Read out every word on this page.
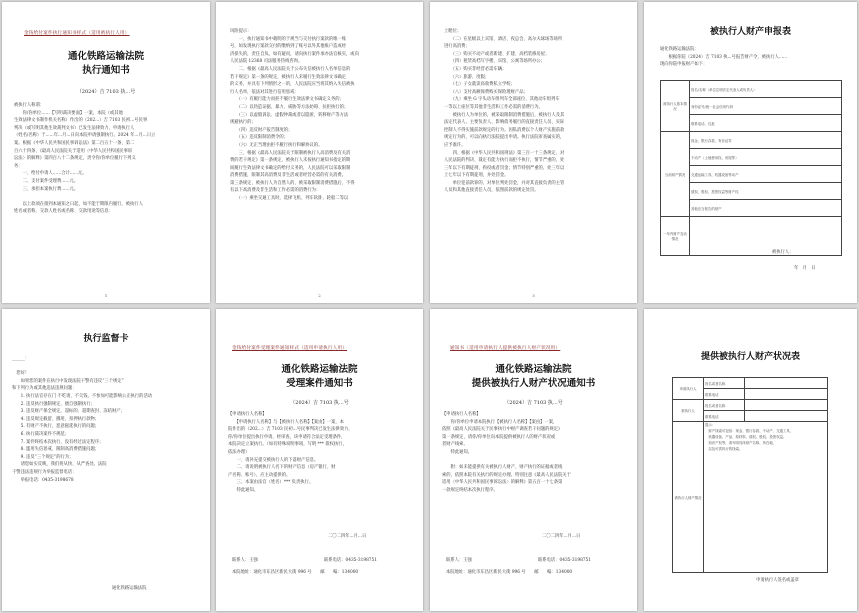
金钱给付案件执行通知书样式（适用被执行人用）
通化铁路运输法院
执行通知书
（2024）吉 7103 执...号
被执行人称谓：
　　你/你单位……【写明裁决要面】一案，本院（或其他
生效法律文书制作机关名称）作出的（202...）吉 7103 民初...号民事
判决（或写明其他生效裁判文书）已发生法律效力，申请执行人
（姓名/名称）于......年...月...日向本院申请强制执行。2024 年...月...日立
案。根据《中华人民共和国民事诉讼法》第二百五十一条、第二
百六十四条、《最高人民法院关于适用〈中华人民共和国民事诉
讼法〉的解释》第四百八十二条规定，责令你/你单位履行下列义
务：
　　一、给付申请人……合计......元。
　　二、支付案件受理费......元。
　　三、承担本案执行费......元。
　　以上款项在接到本通知之日起，如不能于期限内履行，被执行人
姓名或者称、交款人姓名或名称、交款用途等信息：
1
风险提示：
　　一、执行通知书中载明的于规当与交付执行案款的唯一账
号，如发现执行案款交付的缴纳到了账号以外其他账户造成经
济损失的，责任自负。如有疑问，请向执行案件承办法官核实，或向
人民法院 12368 司法服务热线咨询。
　　二、根据《最高人民法院关于公布失信被执行人名单信息的
若干规定》第一条的规定，被执行人未履行生效法律文书确定
的义务，并具有下列情形之一的，人民法院应当将其纳入失信被执
行人名单，依法对其进行信用惩戒：
　　（一）有履行能力而拒不履行生效法律文书确定义务的；
　　（二）以伪造证据、暴力、威胁等方法妨碍、抗拒执行的；
　　（三）以虚假诉讼、虚假仲裁或者以隐匿、转移财产等方法
规避执行的；
　　（四）违反财产报告制度的；
　　（五）违反限制消费令的；
　　（六）无正当理由拒不履行执行和解协议的。
　　三、根据《最高人民法院关于限制被执行人高消费及有关消
费的若干规定》第一条规定，被执行人未按执行通知书指定的期
间履行生效法律文书确定的给付义务的，人民法院可以采取限制
消费措施，限制其高消费及非生活或者经营必需的有关消费。
第三条规定，被执行人为自然人的，被采取限制消费措施后，不得
有以下高消费及非生活和工作必需的消费行为：
　　（一）乘坐交通工具时，选择飞机、列车软卧、轮船二等以
2
上舱位；
　　（二）在星级以上宾馆、酒店、夜总会、高尔夫球场等场所
进行高消费；
　　（三）购买不动产或者新建、扩建、高档装修房屋；
　　（四）租赁高档写字楼、宾馆、公寓等场所办公；
　　（五）购买非经营必需车辆；
　　（六）旅游、度假；
　　（七）子女就读高收费私立学校；
　　（八）支付高额保费购买保险理财产品；
　　（九）乘坐 G 字头动车组列车全部座位、其他动车组列车
一等以上座位等其他非生活和工作必需的消费行为。
　　被执行人为单位的，被采取限制消费措施后，被执行人及其
法定代表人、主要负责人、影响债务履行的直接责任人员、实际
控制人不得实施前款规定的行为。因私消费以个人财产实施前款
规定行为的，可以向执行法院提出申请。执行法院审查属实的，
应予准许。
　　四、根据《中华人民共和国刑法》第三百一十三条规定，对
人民法院的判决、裁定有能力执行而拒不执行，情节严重的，处
三年以下有期徒刑、拘役或者罚金；情节特别严重的，处三年以
上七年以下有期徒刑，并处罚金。
　　单位犯前款罪的，对单位判处罚金，并对其直接负责的主管
人员和其他直接责任人员，依照前款的规定处罚。
3
被执行人财产申报表
通化铁路运输法院：
　　根据你院（2024）吉 7103 执...号报告财产令，被执行人......
现向你院申报财产如下：
被执行人基本情况	姓名/名称（单位注明法定代表人或负责人）
	身份证号/统一社会信用代码
	联系电话、住址
当前财产情况	现金、银行存款、有价证券
	不动产（土地使用权、房屋等）
	交通运输工具、机器设备等动产
	债权、股权、投资权益等财产权
	其他应当报告的财产
一年内财产变动情况	
被执行人：
年　月　日
执行监督卡
______：
　您好！
　　如果您的案件在执行中发现法院干警有违反“三个规定”
和下列行为或其他违法违规问题：
　　1. 执行法官存在门 不吃请、不欠钱，不参加可能影响公正执行的活动
　　2. 违反执行强制规定，擅自强制执行；
　　3. 违反财产保全规定，超标的、超期查封、冻结财产；
　　4. 违反规定截留、挪用、扣押执行款物；
　　5. 有财产不执行，恶意拖延执行的问题；
　　6. 执行裁决案件不规范；
　　7. 案件终结本次执行，没有经过法定程序；
　　8. 滥用失信惩戒、限制高消费措施问题；
　　9. 违反“三个规定”的行为；
　　请您如实反映，我们将从快、从严查处。法院
干警违法违规行为举报监督电话：
　　举报电话：0435-3198678
通化铁路运输法院
金钱给付案件受理案件通知样式（适用申请执行人用）
通化铁路运输法院
受理案件通知书
（2024）吉 7103 执...号
【申请执行人名称】
　　【申请执行人名称】与【被执行人名称】【案由】一案，本
院作出的（202...）吉 7103 民初...号民事判决已发生法律效力，
你/你单位提出执行申请，经审查，该申请符合法定受理条件，
本院决定立案执行。（如有特殊说明事项，写明 *** 债权执行，
依法办理）
　　一、请补充提交被执行人的下落财产信息。
　　二、请说明被执行人名下的财产信息（房产银行、财
产名称、账号），应主动提供的。
　　三、本案由法官（姓名）*** 负责执行。
　　特此通知。
二〇二四年...月...日
联系人：王强	联系电话：0435-3198751
本院地址：通化市东昌区新民大街 996 号　　邮　　编：134000
通知书（适用申请执行人提供被执行人财产状况用）
通化铁路运输法院
提供被执行人财产状况通知书
（2024）吉 7103 执...号
【申请执行人名称】
　　你/你单位申请本院执行【被执行人名称】【案由】一案，
依照《最高人民法院关于民事执行中财产调查若干问题的规定》
第一条规定，请你/你单位向本院提供被执行人的财产状况或
者财产线索。
　　特此通知。
　　附：如未能提供有关被执行人财产、财产执行的证据或者线
索的，依照本院有关执行的规定办理。特别注意《最高人民法院关于
适用〈中华人民共和国民事诉讼法〉的解释》第五百一十七条第
一款规定终结本次执行程序。
二〇二四年...月...日
联系人：王强	联系电话：0435-3198751
本院地址：通化市东昌区新民大街 996 号　　邮　　编：134000
提供被执行人财产状况表
申请执行人	姓名或者名称	
	联系电话	
被执行人	姓名或者名称	
	联系电话	
被执行人财产情况	提示：
　财产线索可包括：现金、银行存款、不动产、交通工具、
　机器设备、产品、原材料、债权、股权、投资权益、
　知识产权等，请写明具体财产名称、所在地、
　以及可供执行的线索。	
申请执行人签名或盖章
